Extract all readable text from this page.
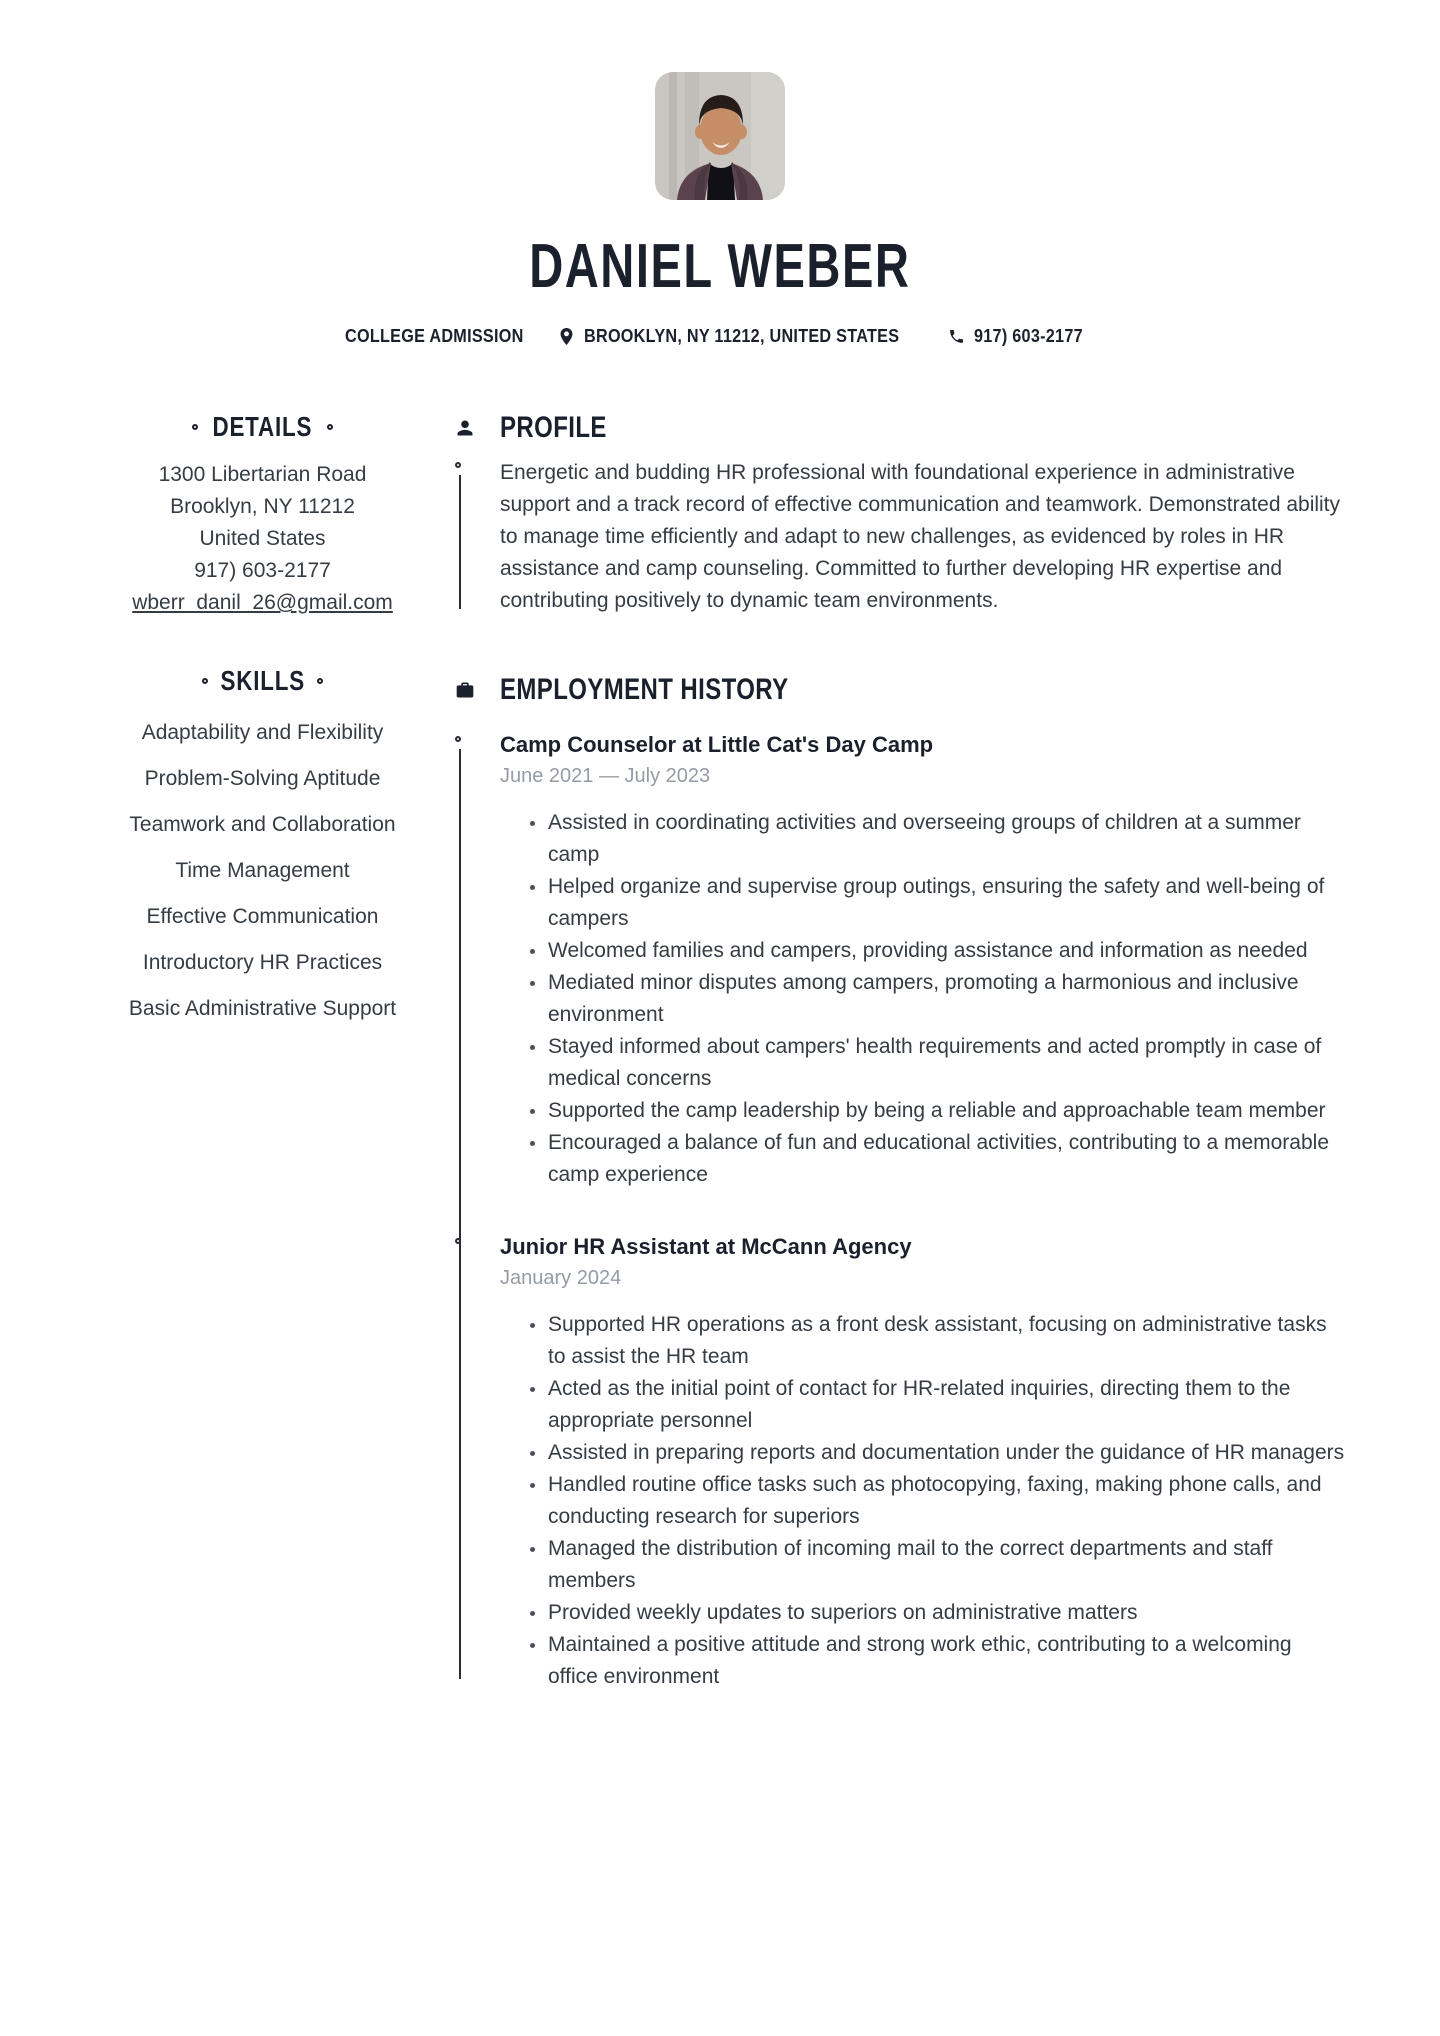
DANIEL WEBER
COLLEGE ADMISSION	BROOKLYN, NY 11212, UNITED STATES	917) 603-2177
DETAILS
1300 Libertarian Road
Brooklyn, NY 11212
United States
917) 603-2177
wberr_danil_26@gmail.com
SKILLS
Adaptability and Flexibility
Problem-Solving Aptitude
Teamwork and Collaboration
Time Management
Effective Communication
Introductory HR Practices
Basic Administrative Support
PROFILE

Energetic and budding HR professional with foundational experience in administrative support and a track record of effective communication and teamwork. Demonstrated ability to manage time efficiently and adapt to new challenges, as evidenced by roles in HR assistance and camp counseling. Committed to further developing HR expertise and contributing positively to dynamic team environments.

EMPLOYMENT HISTORY
Camp Counselor at Little Cat's Day Camp
June 2021 — July 2023
Assisted in coordinating activities and overseeing groups of children at a summer camp
Helped organize and supervise group outings, ensuring the safety and well-being of campers
Welcomed families and campers, providing assistance and information as needed
Mediated minor disputes among campers, promoting a harmonious and inclusive environment
Stayed informed about campers' health requirements and acted promptly in case of medical concerns
Supported the camp leadership by being a reliable and approachable team member
Encouraged a balance of fun and educational activities, contributing to a memorable camp experience
Junior HR Assistant at McCann Agency
January 2024
Supported HR operations as a front desk assistant, focusing on administrative tasks to assist the HR team
Acted as the initial point of contact for HR-related inquiries, directing them to the appropriate personnel
Assisted in preparing reports and documentation under the guidance of HR managers
Handled routine office tasks such as photocopying, faxing, making phone calls, and conducting research for superiors
Managed the distribution of incoming mail to the correct departments and staff members
Provided weekly updates to superiors on administrative matters
Maintained a positive attitude and strong work ethic, contributing to a welcoming office environment
